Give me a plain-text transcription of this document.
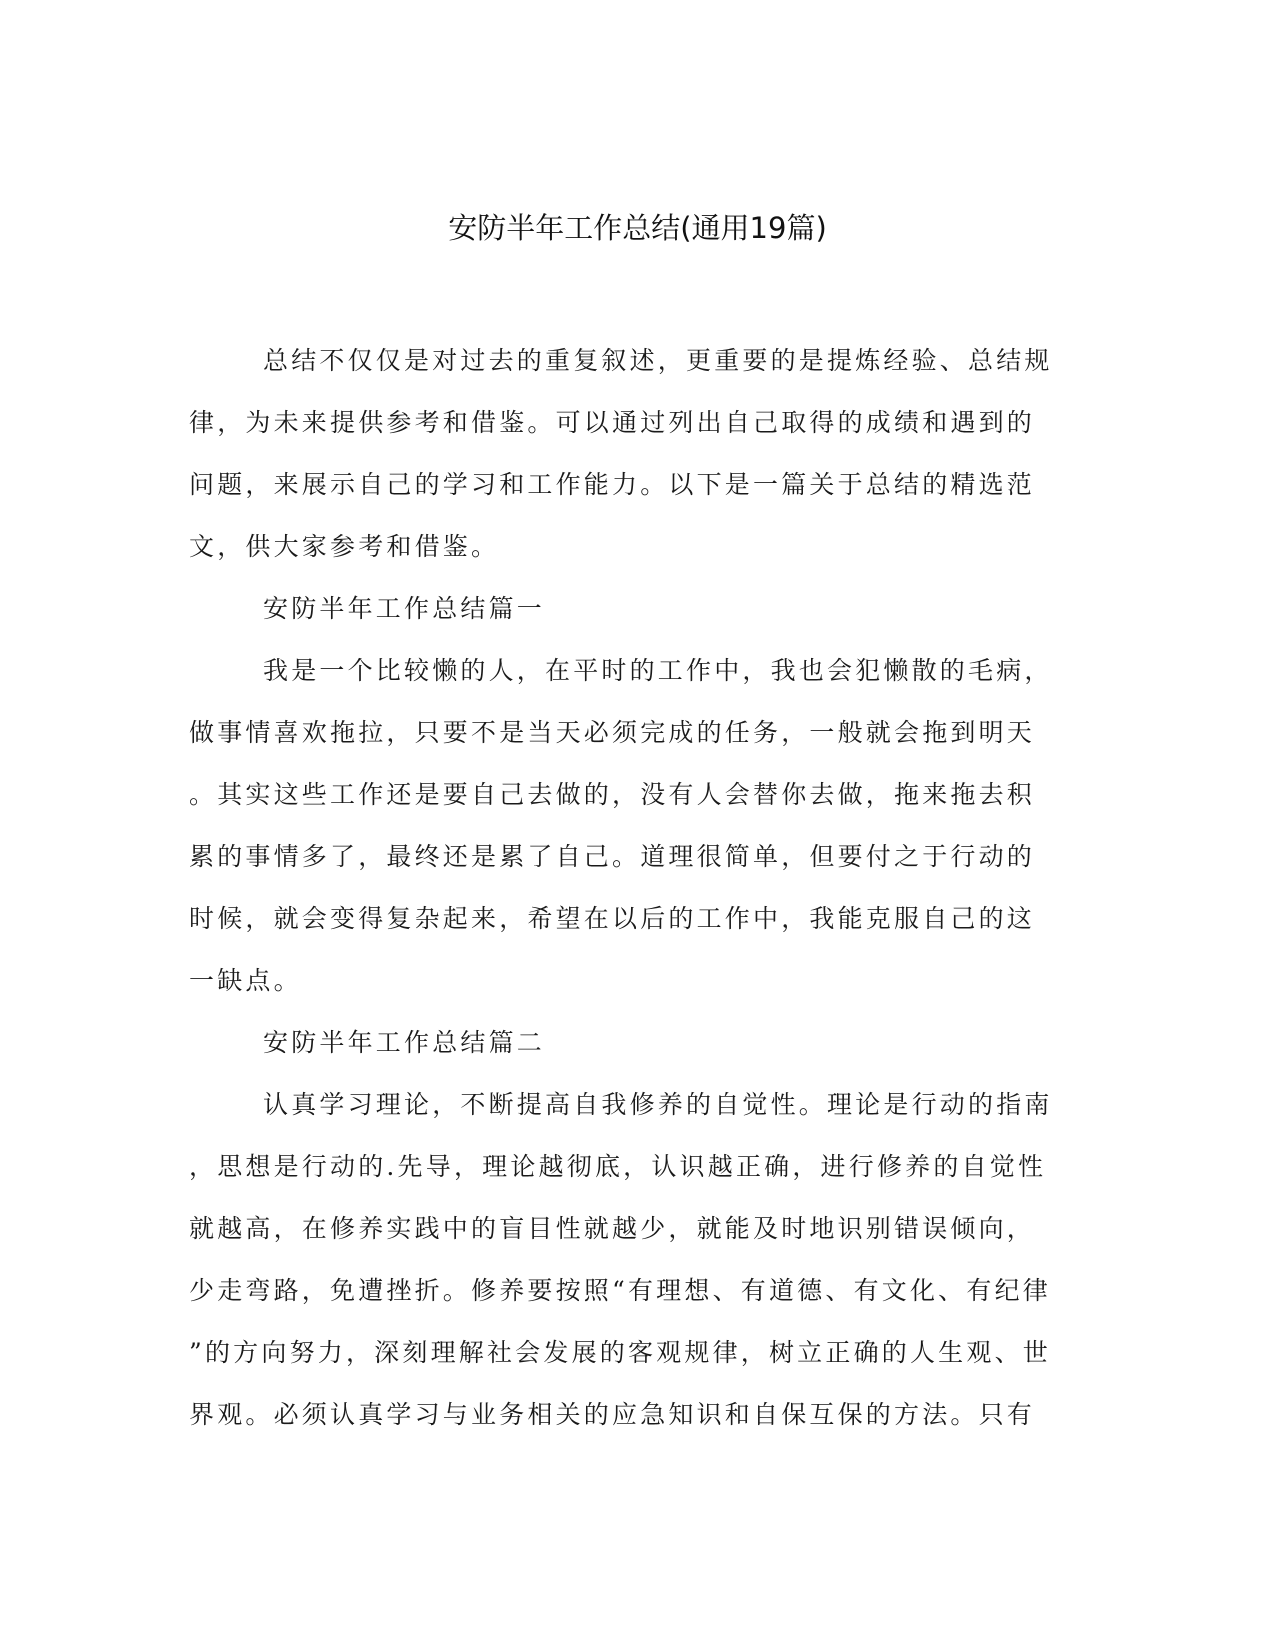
安防半年工作总结(通用19篇)
总结不仅仅是对过去的重复叙述，更重要的是提炼经验、总结规
律，为未来提供参考和借鉴。可以通过列出自己取得的成绩和遇到的
问题，来展示自己的学习和工作能力。以下是一篇关于总结的精选范
文，供大家参考和借鉴。
安防半年工作总结篇一
我是一个比较懒的人，在平时的工作中，我也会犯懒散的毛病，
做事情喜欢拖拉，只要不是当天必须完成的任务，一般就会拖到明天
。其实这些工作还是要自己去做的，没有人会替你去做，拖来拖去积
累的事情多了，最终还是累了自己。道理很简单，但要付之于行动的
时候，就会变得复杂起来，希望在以后的工作中，我能克服自己的这
一缺点。
安防半年工作总结篇二
认真学习理论，不断提高自我修养的自觉性。理论是行动的指南
，思想是行动的.先导，理论越彻底，认识越正确，进行修养的自觉性
就越高，在修养实践中的盲目性就越少，就能及时地识别错误倾向，
少走弯路，免遭挫折。修养要按照“有理想、有道德、有文化、有纪律
”的方向努力，深刻理解社会发展的客观规律，树立正确的人生观、世
界观。必须认真学习与业务相关的应急知识和自保互保的方法。只有
